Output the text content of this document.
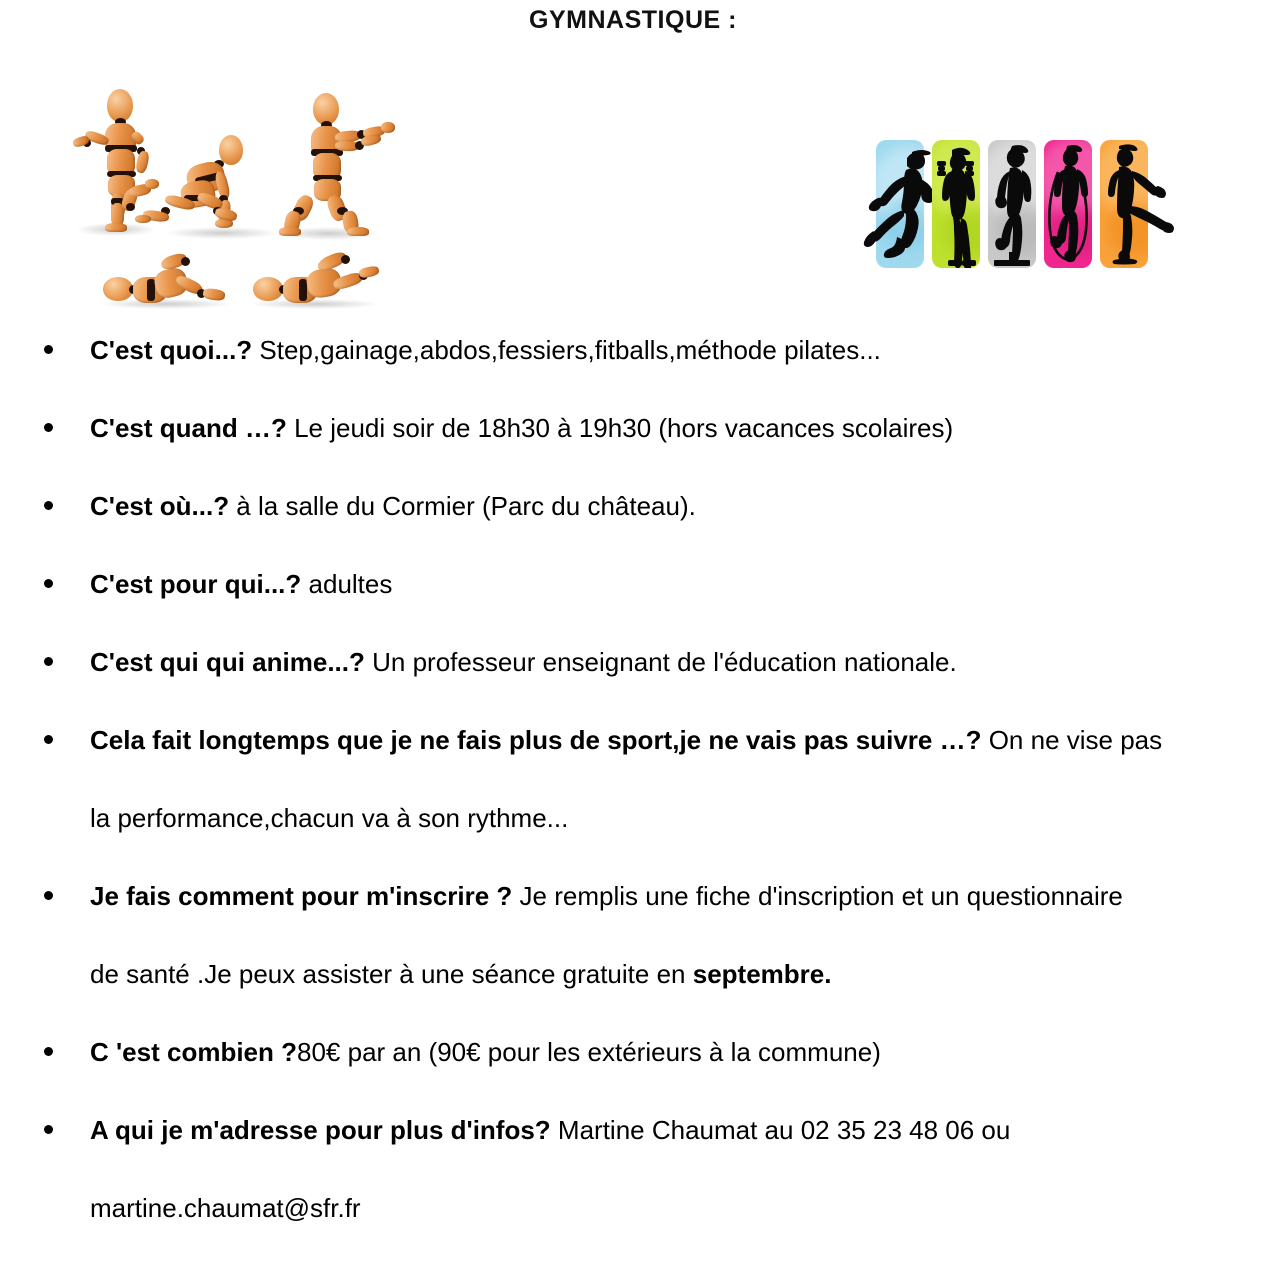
GYMNASTIQUE :
C'est quoi...? Step,gainage,abdos,fessiers,fitballs,méthode pilates...
C'est quand …? Le jeudi soir de 18h30 à 19h30 (hors vacances scolaires)
C'est où...? à la salle du Cormier (Parc du château).
C'est pour qui...? adultes
C'est qui qui anime...? Un professeur enseignant de l'éducation nationale.
Cela fait longtemps que je ne fais plus de sport,je ne vais pas suivre …? On ne vise pas
la performance,chacun va à son rythme...
Je fais comment pour m'inscrire ? Je remplis une fiche d'inscription et un questionnaire
de santé .Je peux assister à une séance gratuite en septembre.
C 'est combien ?80€ par an (90€ pour les extérieurs à la commune)
A qui je m'adresse pour plus d'infos? Martine Chaumat au 02 35 23 48 06 ou
martine.chaumat@sfr.fr
